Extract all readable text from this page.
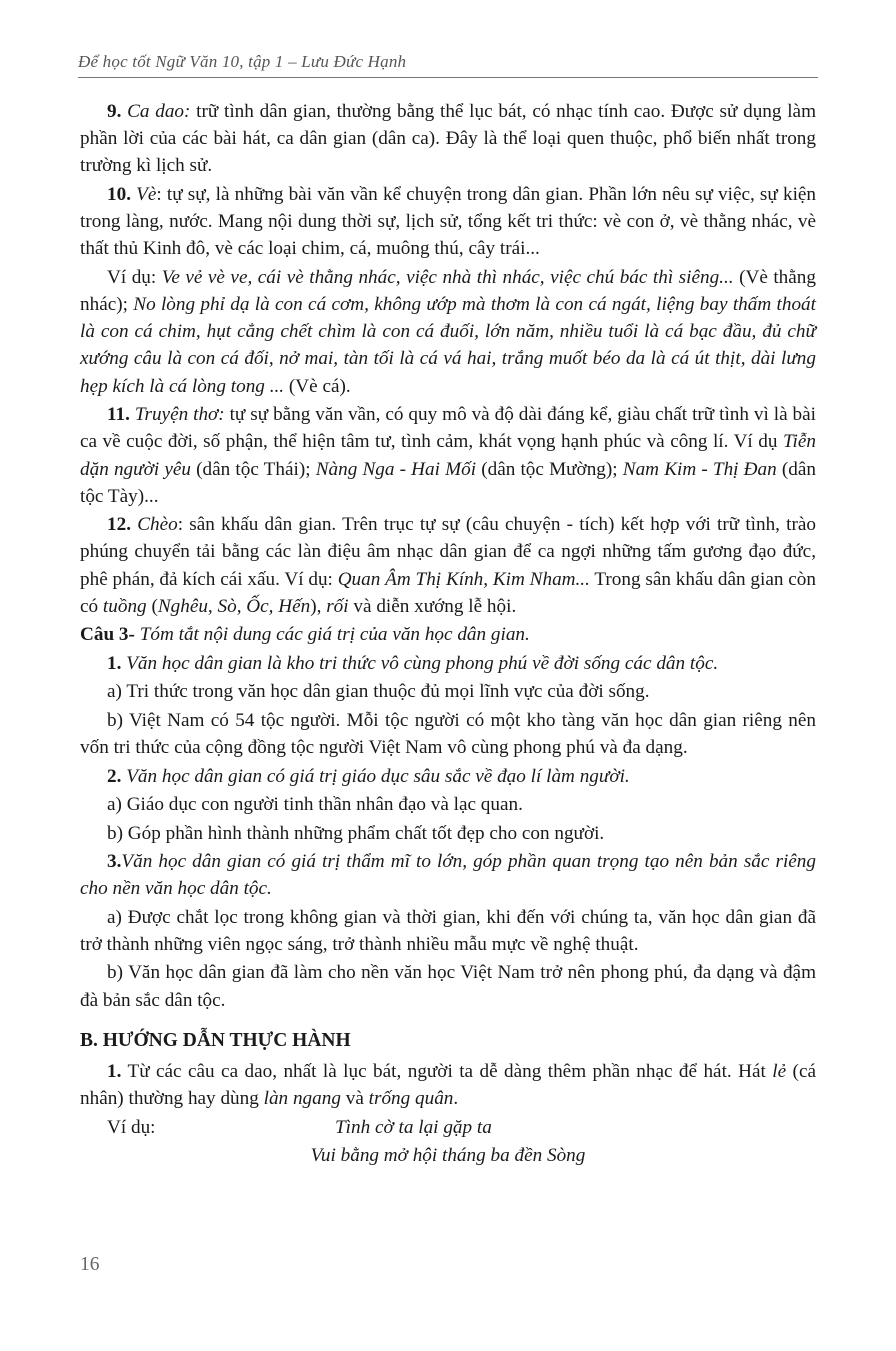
Để học tốt Ngữ Văn 10, tập 1 – Lưu Đức Hạnh

9. Ca dao: trữ tình dân gian, thường bằng thể lục bát, có nhạc tính cao. Được sử dụng làm phần lời của các bài hát, ca dân gian (dân ca). Đây là thể loại quen thuộc, phổ biến nhất trong trường kì lịch sử.

10. Vè: tự sự, là những bài văn vần kể chuyện trong dân gian. Phần lớn nêu sự việc, sự kiện trong làng, nước. Mang nội dung thời sự, lịch sử, tổng kết tri thức: vè con ở, vè thằng nhác, vè thất thủ Kinh đô, vè các loại chim, cá, muông thú, cây trái...

Ví dụ: Ve vẻ vè ve, cái vè thằng nhác, việc nhà thì nhác, việc chú bác thì siêng... (Vè thằng nhác); No lòng phỉ dạ là con cá cơm, không ướp mà thơm là con cá ngát, liệng bay thấm thoát là con cá chim, hụt cẳng chết chìm là con cá đuối, lớn năm, nhiều tuổi là cá bạc đầu, đủ chữ xướng câu là con cá đối, nở mai, tàn tối là cá vá hai, trắng muốt béo da là cá út thịt, dài lưng hẹp kích là cá lòng tong ... (Vè cá).

11. Truyện thơ: tự sự bằng văn vần, có quy mô và độ dài đáng kể, giàu chất trữ tình vì là bài ca về cuộc đời, số phận, thể hiện tâm tư, tình cảm, khát vọng hạnh phúc và công lí. Ví dụ Tiễn dặn người yêu (dân tộc Thái); Nàng Nga - Hai Mối (dân tộc Mường); Nam Kim - Thị Đan (dân tộc Tày)...

12. Chèo: sân khấu dân gian. Trên trục tự sự (câu chuyện - tích) kết hợp với trữ tình, trào phúng chuyển tải bằng các làn điệu âm nhạc dân gian để ca ngợi những tấm gương đạo đức, phê phán, đả kích cái xấu. Ví dụ: Quan Âm Thị Kính, Kim Nham... Trong sân khấu dân gian còn có tuồng (Nghêu, Sò, Ốc, Hến), rối và diễn xướng lễ hội.

Câu 3- Tóm tắt nội dung các giá trị của văn học dân gian.

1. Văn học dân gian là kho tri thức vô cùng phong phú về đời sống các dân tộc.

a) Tri thức trong văn học dân gian thuộc đủ mọi lĩnh vực của đời sống.

b) Việt Nam có 54 tộc người. Mỗi tộc người có một kho tàng văn học dân gian riêng nên vốn tri thức của cộng đồng tộc người Việt Nam vô cùng phong phú và đa dạng.

2. Văn học dân gian có giá trị giáo dục sâu sắc về đạo lí làm người.

a) Giáo dục con người tinh thần nhân đạo và lạc quan.

b) Góp phần hình thành những phẩm chất tốt đẹp cho con người.

3.Văn học dân gian có giá trị thẩm mĩ to lớn, góp phần quan trọng tạo nên bản sắc riêng cho nền văn học dân tộc.

a) Được chắt lọc trong không gian và thời gian, khi đến với chúng ta, văn học dân gian đã trở thành những viên ngọc sáng, trở thành nhiều mẫu mực về nghệ thuật.

b) Văn học dân gian đã làm cho nền văn học Việt Nam trở nên phong phú, đa dạng và đậm đà bản sắc dân tộc.

B. HƯỚNG DẪN THỰC HÀNH

1. Từ các câu ca dao, nhất là lục bát, người ta dễ dàng thêm phần nhạc để hát. Hát lẻ (cá nhân) thường hay dùng làn ngang và trống quân.

Ví dụ:	Tình cờ ta lại gặp ta
Vui bằng mở hội tháng ba đền Sòng
16
